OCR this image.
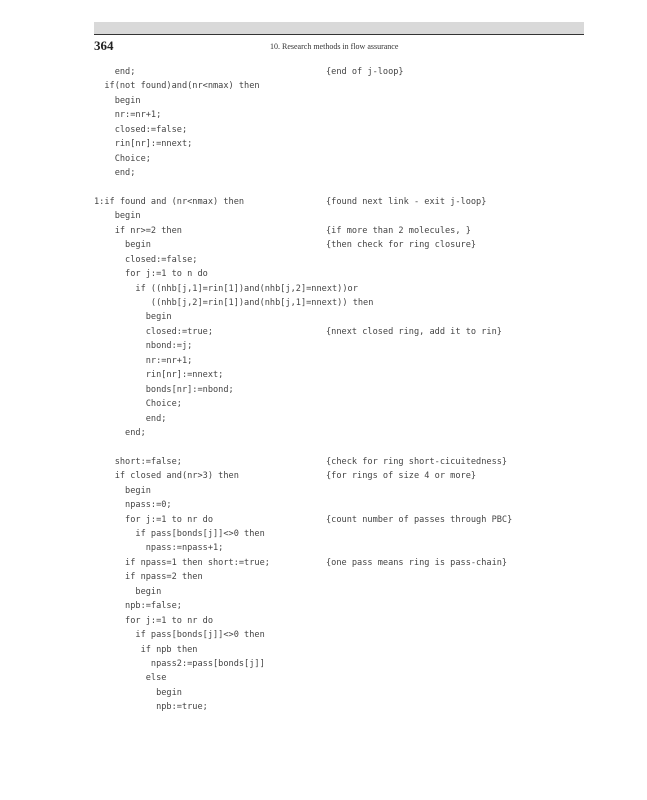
364	10. Research methods in flow assurance
end;	{end of j-loop}
if(not found)and(nr<nmax) then
begin
nr:=nr+1;
closed:=false;
rin[nr]:=nnext;
Choice;
end;
1:if found and (nr<nmax) then	{found next link - exit j-loop}
begin
if nr>=2 then	{if more than 2 molecules, }
begin	{then check for ring closure}
closed:=false;
for j:=1 to n do
if ((nhb[j,1]=rin[1])and(nhb[j,2]=nnext))or
((nhb[j,2]=rin[1])and(nhb[j,1]=nnext)) then
begin
closed:=true;	{nnext closed ring, add it to rin}
nbond:=j;
nr:=nr+1;
rin[nr]:=nnext;
bonds[nr]:=nbond;
Choice;
end;
end;
short:=false;	{check for ring short-cicuitedness}
if closed and(nr>3) then	{for rings of size 4 or more}
begin
npass:=0;
for j:=1 to nr do	{count number of passes through PBC}
if pass[bonds[j]]<>0 then
npass:=npass+1;
if npass=1 then short:=true;	{one pass means ring is pass-chain}
if npass=2 then
begin
npb:=false;
for j:=1 to nr do
if pass[bonds[j]]<>0 then
if npb then
npass2:=pass[bonds[j]]
else
begin
npb:=true;
